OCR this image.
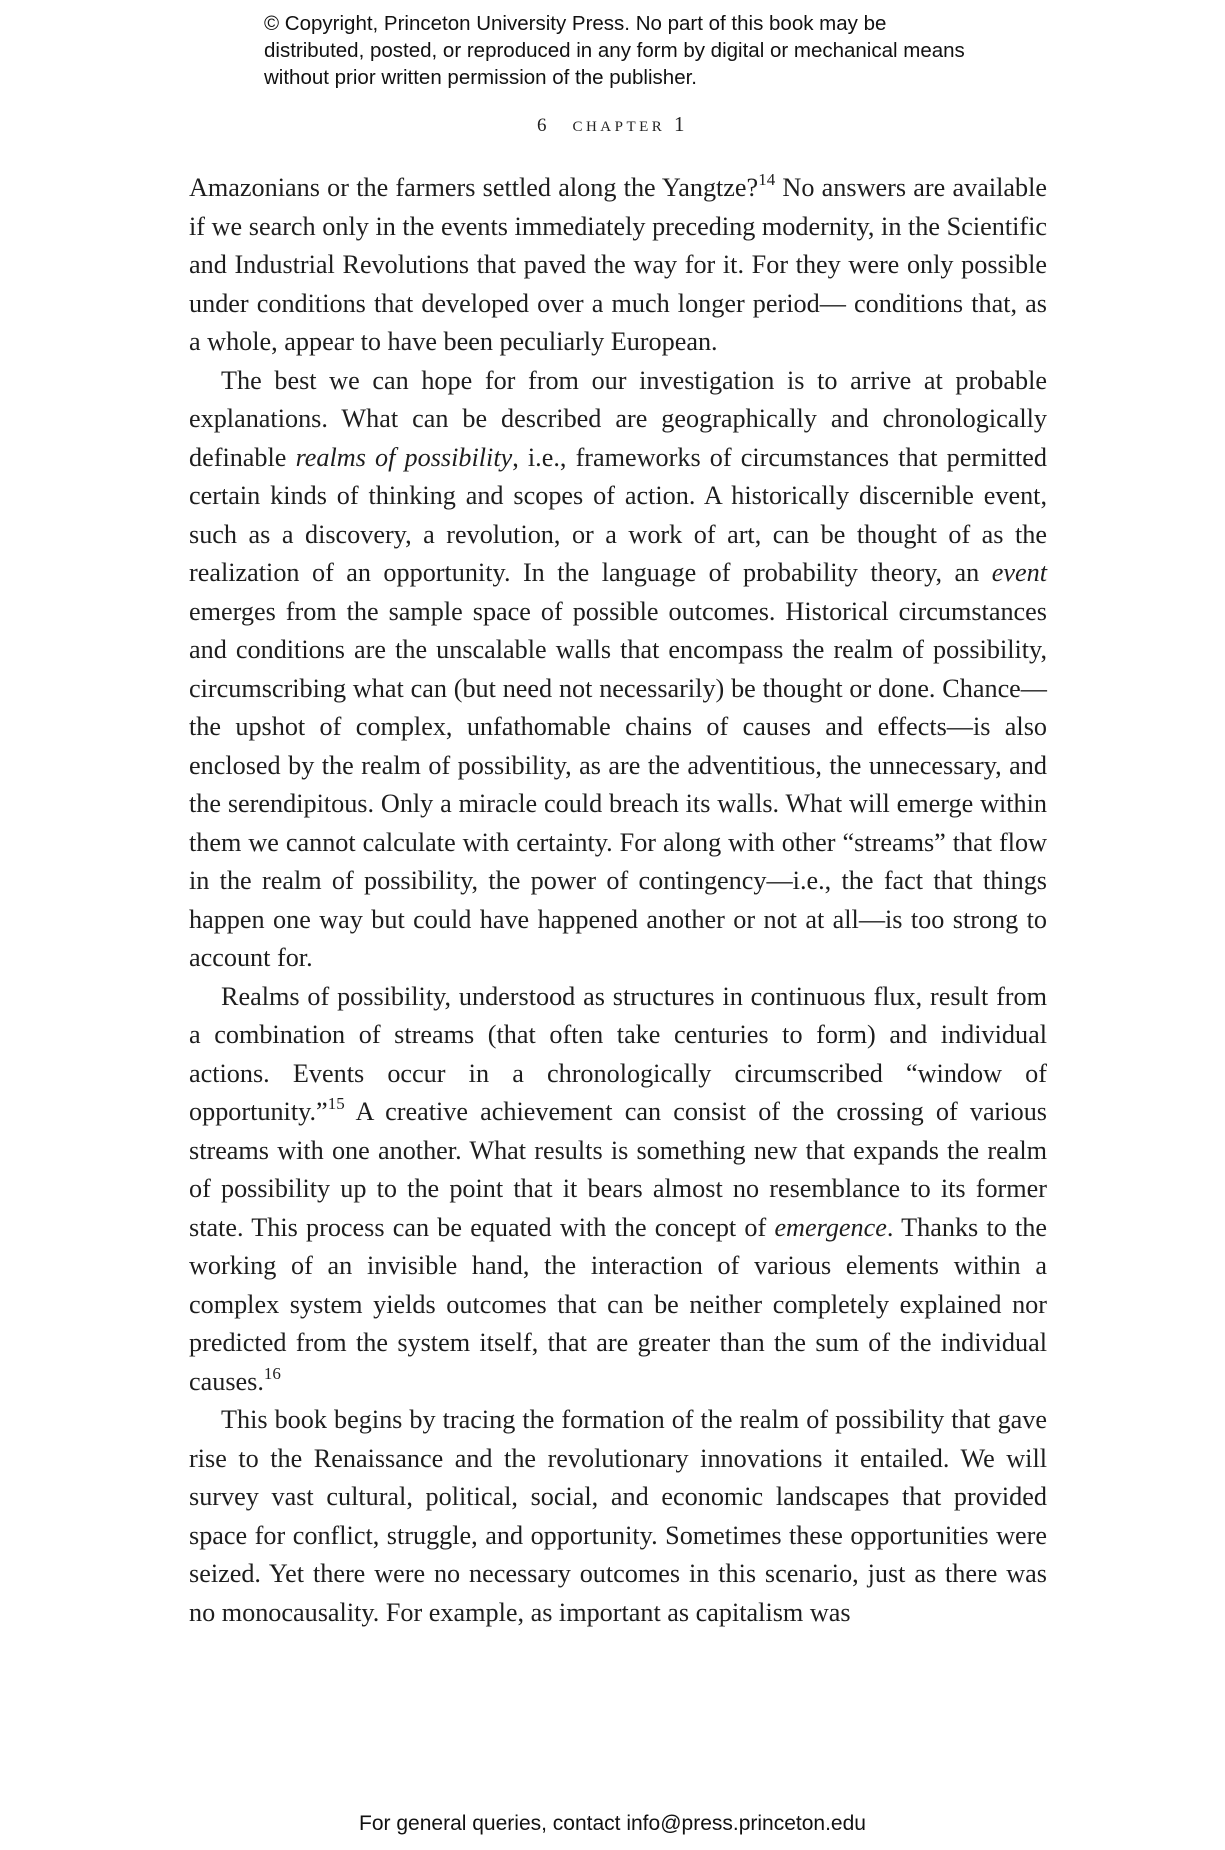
© Copyright, Princeton University Press. No part of this book may be distributed, posted, or reproduced in any form by digital or mechanical means without prior written permission of the publisher.

6 chapter 1

Amazonians or the farmers settled along the Yangtze?$^{14}$ No answers are available if we search only in the events immediately preceding modernity, in the Scientific and Industrial Revolutions that paved the way for it. For they were only possible under conditions that developed over a much longer period— conditions that, as a whole, appear to have been peculiarly European.

The best we can hope for from our investigation is to arrive at probable explanations. What can be described are geographically and chronologically definable realms of possibility, i.e., frameworks of circumstances that permitted certain kinds of thinking and scopes of action. A historically discernible event, such as a discovery, a revolution, or a work of art, can be thought of as the realization of an opportunity. In the language of probability theory, an event emerges from the sample space of possible outcomes. Historical circumstances and conditions are the unscalable walls that encompass the realm of possibility, circumscribing what can (but need not necessarily) be thought or done. Chance—the upshot of complex, unfathomable chains of causes and effects—is also enclosed by the realm of possibility, as are the adventitious, the unnecessary, and the serendipitous. Only a miracle could breach its walls. What will emerge within them we cannot calculate with certainty. For along with other “streams” that flow in the realm of possibility, the power of contingency—i.e., the fact that things happen one way but could have happened another or not at all—is too strong to account for.

Realms of possibility, understood as structures in continuous flux, result from a combination of streams (that often take centuries to form) and individual actions. Events occur in a chronologically circumscribed “window of opportunity.”$^{15}$ A creative achievement can consist of the crossing of various streams with one another. What results is something new that expands the realm of possibility up to the point that it bears almost no resemblance to its former state. This process can be equated with the concept of emergence. Thanks to the working of an invisible hand, the interaction of various elements within a complex system yields outcomes that can be neither completely explained nor predicted from the system itself, that are greater than the sum of the individual causes.$^{16}$

This book begins by tracing the formation of the realm of possibility that gave rise to the Renaissance and the revolutionary innovations it entailed. We will survey vast cultural, political, social, and economic landscapes that provided space for conflict, struggle, and opportunity. Sometimes these opportunities were seized. Yet there were no necessary outcomes in this scenario, just as there was no monocausality. For example, as important as capitalism was

For general queries, contact info@press.princeton.edu
